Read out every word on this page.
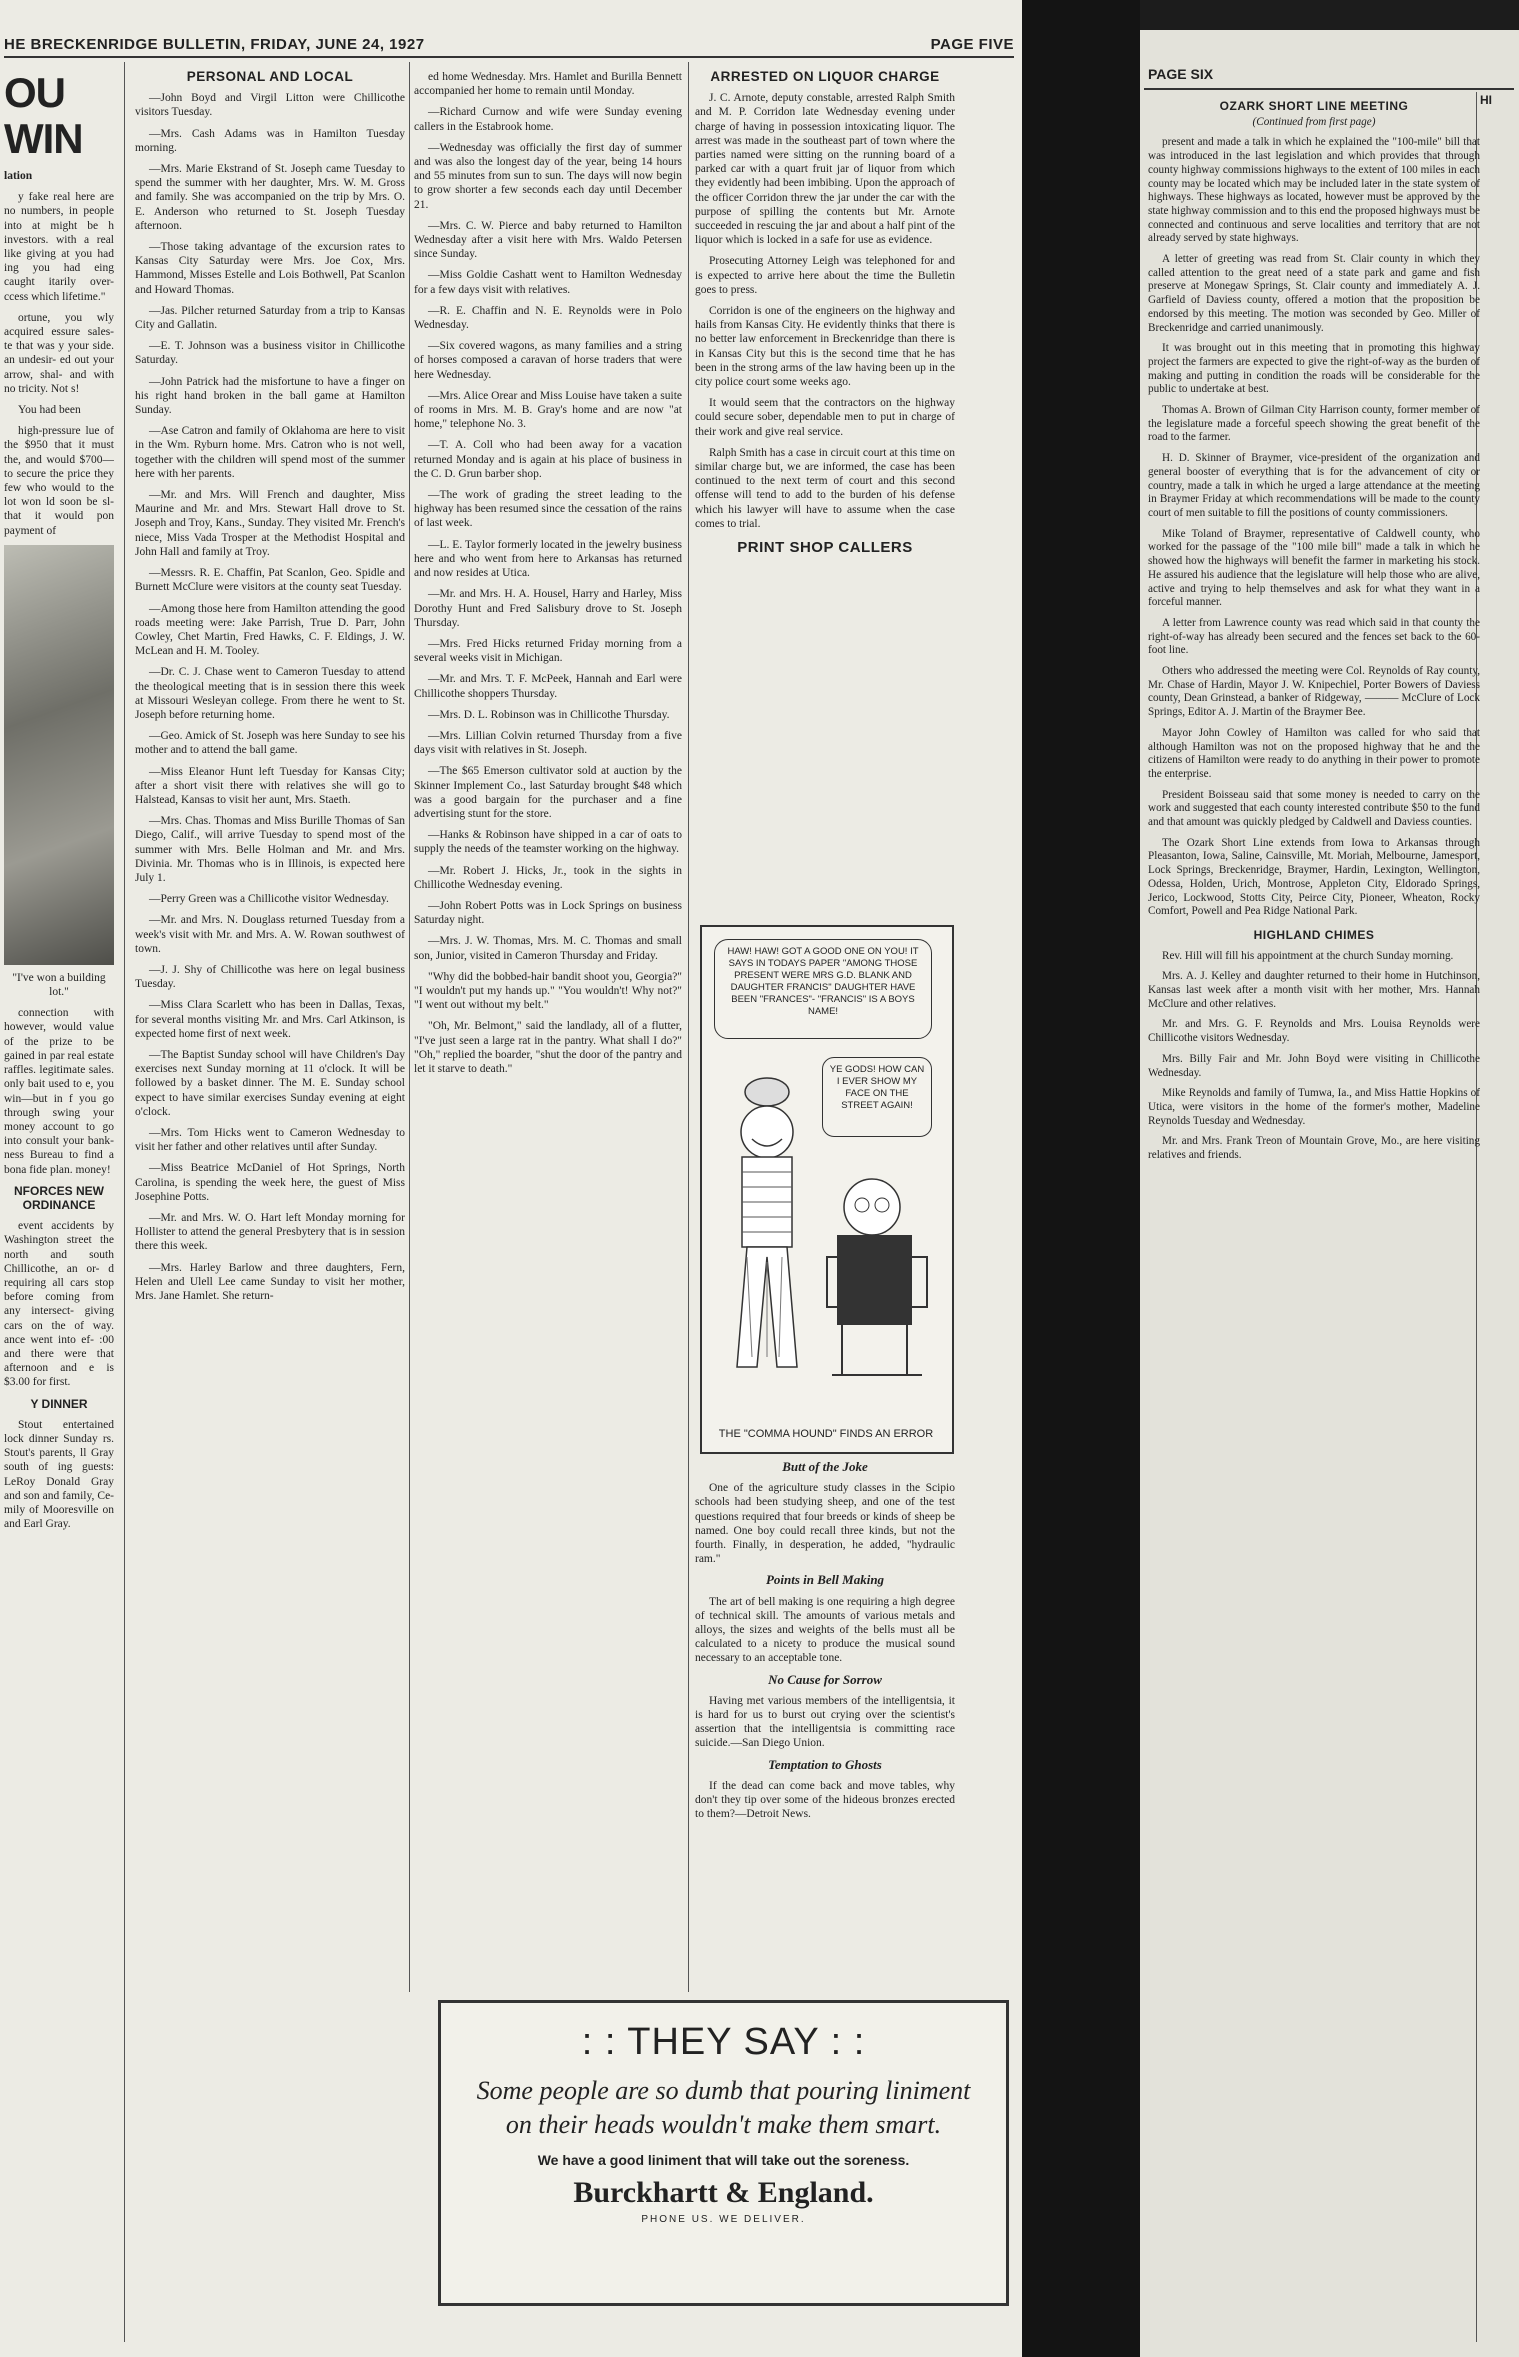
HE BRECKENRIDGE BULLETIN, FRIDAY, JUNE 24, 1927	PAGE FIVE

OU WIN

lation

y fake real here are no numbers, in people into at might be h investors. with a real like giving at you had ing you had eing caught itarily over- ccess which lifetime."

ortune, you wly acquired essure sales- te that was y your side. an undesir- ed out your arrow, shal- and with no tricity. Not s!

You had been

high-pressure lue of the $950 that it must the, and would $700—to secure the price they few who would to the lot won ld soon be sl- that it would pon payment of

"I've won a building lot."

connection with however, would value of the prize to be gained in par real estate raffles. legitimate sales. only bait used to e, you win—but in f you go through swing your money account to go into consult your bank- ness Bureau to find a bona fide plan. money!

NFORCES NEW ORDINANCE

event accidents by Washington street the north and south Chillicothe, an or- d requiring all cars stop before coming from any intersect- giving cars on the of way. ance went into ef- :00 and there were that afternoon and e is $3.00 for first.

Y DINNER

Stout entertained lock dinner Sunday rs. Stout's parents, ll Gray south of ing guests: LeRoy Donald Gray and son and family, Ce- mily of Mooresville on and Earl Gray.

PERSONAL AND LOCAL

—John Boyd and Virgil Litton were Chillicothe visitors Tuesday.

—Mrs. Cash Adams was in Hamilton Tuesday morning.

—Mrs. Marie Ekstrand of St. Joseph came Tuesday to spend the summer with her daughter, Mrs. W. M. Gross and family. She was accompanied on the trip by Mrs. O. E. Anderson who returned to St. Joseph Tuesday afternoon.

—Those taking advantage of the excursion rates to Kansas City Saturday were Mrs. Joe Cox, Mrs. Hammond, Misses Estelle and Lois Bothwell, Pat Scanlon and Howard Thomas.

—Jas. Pilcher returned Saturday from a trip to Kansas City and Gallatin.

—E. T. Johnson was a business visitor in Chillicothe Saturday.

—John Patrick had the misfortune to have a finger on his right hand broken in the ball game at Hamilton Sunday.

—Ase Catron and family of Oklahoma are here to visit in the Wm. Ryburn home. Mrs. Catron who is not well, together with the children will spend most of the summer here with her parents.

—Mr. and Mrs. Will French and daughter, Miss Maurine and Mr. and Mrs. Stewart Hall drove to St. Joseph and Troy, Kans., Sunday. They visited Mr. French's niece, Miss Vada Trosper at the Methodist Hospital and John Hall and family at Troy.

—Messrs. R. E. Chaffin, Pat Scanlon, Geo. Spidle and Burnett McClure were visitors at the county seat Tuesday.

—Among those here from Hamilton attending the good roads meeting were: Jake Parrish, True D. Parr, John Cowley, Chet Martin, Fred Hawks, C. F. Eldings, J. W. McLean and H. M. Tooley.

—Dr. C. J. Chase went to Cameron Tuesday to attend the theological meeting that is in session there this week at Missouri Wesleyan college. From there he went to St. Joseph before returning home.

—Geo. Amick of St. Joseph was here Sunday to see his mother and to attend the ball game.

—Miss Eleanor Hunt left Tuesday for Kansas City; after a short visit there with relatives she will go to Halstead, Kansas to visit her aunt, Mrs. Staeth.

—Mrs. Chas. Thomas and Miss Burille Thomas of San Diego, Calif., will arrive Tuesday to spend most of the summer with Mrs. Belle Holman and Mr. and Mrs. Divinia. Mr. Thomas who is in Illinois, is expected here July 1.

—Perry Green was a Chillicothe visitor Wednesday.

—Mr. and Mrs. N. Douglass returned Tuesday from a week's visit with Mr. and Mrs. A. W. Rowan southwest of town.

—J. J. Shy of Chillicothe was here on legal business Tuesday.

—Miss Clara Scarlett who has been in Dallas, Texas, for several months visiting Mr. and Mrs. Carl Atkinson, is expected home first of next week.

—The Baptist Sunday school will have Children's Day exercises next Sunday morning at 11 o'clock. It will be followed by a basket dinner. The M. E. Sunday school expect to have similar exercises Sunday evening at eight o'clock.

—Mrs. Tom Hicks went to Cameron Wednesday to visit her father and other relatives until after Sunday.

—Miss Beatrice McDaniel of Hot Springs, North Carolina, is spending the week here, the guest of Miss Josephine Potts.

—Mr. and Mrs. W. O. Hart left Monday morning for Hollister to attend the general Presbytery that is in session there this week.

—Mrs. Harley Barlow and three daughters, Fern, Helen and Ulell Lee came Sunday to visit her mother, Mrs. Jane Hamlet. She return-

ed home Wednesday. Mrs. Hamlet and Burilla Bennett accompanied her home to remain until Monday.

—Richard Curnow and wife were Sunday evening callers in the Estabrook home.

—Wednesday was officially the first day of summer and was also the longest day of the year, being 14 hours and 55 minutes from sun to sun. The days will now begin to grow shorter a few seconds each day until December 21.

—Mrs. C. W. Pierce and baby returned to Hamilton Wednesday after a visit here with Mrs. Waldo Petersen since Sunday.

—Miss Goldie Cashatt went to Hamilton Wednesday for a few days visit with relatives.

—R. E. Chaffin and N. E. Reynolds were in Polo Wednesday.

—Six covered wagons, as many families and a string of horses composed a caravan of horse traders that were here Wednesday.

—Mrs. Alice Orear and Miss Louise have taken a suite of rooms in Mrs. M. B. Gray's home and are now "at home," telephone No. 3.

—T. A. Coll who had been away for a vacation returned Monday and is again at his place of business in the C. D. Grun barber shop.

—The work of grading the street leading to the highway has been resumed since the cessation of the rains of last week.

—L. E. Taylor formerly located in the jewelry business here and who went from here to Arkansas has returned and now resides at Utica.

—Mr. and Mrs. H. A. Housel, Harry and Harley, Miss Dorothy Hunt and Fred Salisbury drove to St. Joseph Thursday.

—Mrs. Fred Hicks returned Friday morning from a several weeks visit in Michigan.

—Mr. and Mrs. T. F. McPeek, Hannah and Earl were Chillicothe shoppers Thursday.

—Mrs. D. L. Robinson was in Chillicothe Thursday.

—Mrs. Lillian Colvin returned Thursday from a five days visit with relatives in St. Joseph.

—The $65 Emerson cultivator sold at auction by the Skinner Implement Co., last Saturday brought $48 which was a good bargain for the purchaser and a fine advertising stunt for the store.

—Hanks & Robinson have shipped in a car of oats to supply the needs of the teamster working on the highway.

—Mr. Robert J. Hicks, Jr., took in the sights in Chillicothe Wednesday evening.

—John Robert Potts was in Lock Springs on business Saturday night.

—Mrs. J. W. Thomas, Mrs. M. C. Thomas and small son, Junior, visited in Cameron Thursday and Friday.

"Why did the bobbed-hair bandit shoot you, Georgia?" "I wouldn't put my hands up." "You wouldn't! Why not?" "I went out without my belt."

"Oh, Mr. Belmont," said the landlady, all of a flutter, "I've just seen a large rat in the pantry. What shall I do?" "Oh," replied the boarder, "shut the door of the pantry and let it starve to death."

ARRESTED ON LIQUOR CHARGE

J. C. Arnote, deputy constable, arrested Ralph Smith and M. P. Corridon late Wednesday evening under charge of having in possession intoxicating liquor. The arrest was made in the southeast part of town where the parties named were sitting on the running board of a parked car with a quart fruit jar of liquor from which they evidently had been imbibing. Upon the approach of the officer Corridon threw the jar under the car with the purpose of spilling the contents but Mr. Arnote succeeded in rescuing the jar and about a half pint of the liquor which is locked in a safe for use as evidence.

Prosecuting Attorney Leigh was telephoned for and is expected to arrive here about the time the Bulletin goes to press.

Corridon is one of the engineers on the highway and hails from Kansas City. He evidently thinks that there is no better law enforcement in Breckenridge than there is in Kansas City but this is the second time that he has been in the strong arms of the law having been up in the city police court some weeks ago.

It would seem that the contractors on the highway could secure sober, dependable men to put in charge of their work and give real service.

Ralph Smith has a case in circuit court at this time on similar charge but, we are informed, the case has been continued to the next term of court and this second offense will tend to add to the burden of his defense which his lawyer will have to assume when the case comes to trial.

PRINT SHOP CALLERS

HAW! HAW! GOT A GOOD ONE ON YOU! IT SAYS IN TODAYS PAPER "AMONG THOSE PRESENT WERE MRS G.D. BLANK AND DAUGHTER FRANCIS" DAUGHTER HAVE BEEN "FRANCES"- "FRANCIS" IS A BOYS NAME!
YE GODS! HOW CAN I EVER SHOW MY FACE ON THE STREET AGAIN!
THE "COMMA HOUND" FINDS AN ERROR

Butt of the Joke

One of the agriculture study classes in the Scipio schools had been studying sheep, and one of the test questions required that four breeds or kinds of sheep be named. One boy could recall three kinds, but not the fourth. Finally, in desperation, he added, "hydraulic ram."

Points in Bell Making

The art of bell making is one requiring a high degree of technical skill. The amounts of various metals and alloys, the sizes and weights of the bells must all be calculated to a nicety to produce the musical sound necessary to an acceptable tone.

No Cause for Sorrow

Having met various members of the intelligentsia, it is hard for us to burst out crying over the scientist's assertion that the intelligentsia is committing race suicide.—San Diego Union.

Temptation to Ghosts

If the dead can come back and move tables, why don't they tip over some of the hideous bronzes erected to them?—Detroit News.

: : THEY SAY : :
Some people are so dumb that pouring liniment on their heads wouldn't make them smart.
We have a good liniment that will take out the soreness.
Burckhartt & England.
PHONE US. WE DELIVER.
PAGE SIX
HI

OZARK SHORT LINE MEETING

(Continued from first page)

present and made a talk in which he explained the "100-mile" bill that was introduced in the last legislation and which provides that through county highway commissions highways to the extent of 100 miles in each county may be located which may be included later in the state system of highways. These highways as located, however must be approved by the state highway commission and to this end the proposed highways must be connected and continuous and serve localities and territory that are not already served by state highways.

A letter of greeting was read from St. Clair county in which they called attention to the great need of a state park and game and fish preserve at Monegaw Springs, St. Clair county and immediately A. J. Garfield of Daviess county, offered a motion that the proposition be endorsed by this meeting. The motion was seconded by Geo. Miller of Breckenridge and carried unanimously.

It was brought out in this meeting that in promoting this highway project the farmers are expected to give the right-of-way as the burden of making and putting in condition the roads will be considerable for the public to undertake at best.

Thomas A. Brown of Gilman City Harrison county, former member of the legislature made a forceful speech showing the great benefit of the road to the farmer.

H. D. Skinner of Braymer, vice-president of the organization and general booster of everything that is for the advancement of city or country, made a talk in which he urged a large attendance at the meeting in Braymer Friday at which recommendations will be made to the county court of men suitable to fill the positions of county commissioners.

Mike Toland of Braymer, representative of Caldwell county, who worked for the passage of the "100 mile bill" made a talk in which he showed how the highways will benefit the farmer in marketing his stock. He assured his audience that the legislature will help those who are alive, active and trying to help themselves and ask for what they want in a forceful manner.

A letter from Lawrence county was read which said in that county the right-of-way has already been secured and the fences set back to the 60-foot line.

Others who addressed the meeting were Col. Reynolds of Ray county, Mr. Chase of Hardin, Mayor J. W. Knipechiel, Porter Bowers of Daviess county, Dean Grinstead, a banker of Ridgeway, ——— McClure of Lock Springs, Editor A. J. Martin of the Braymer Bee.

Mayor John Cowley of Hamilton was called for who said that although Hamilton was not on the proposed highway that he and the citizens of Hamilton were ready to do anything in their power to promote the enterprise.

President Boisseau said that some money is needed to carry on the work and suggested that each county interested contribute $50 to the fund and that amount was quickly pledged by Caldwell and Daviess counties.

The Ozark Short Line extends from Iowa to Arkansas through Pleasanton, Iowa, Saline, Cainsville, Mt. Moriah, Melbourne, Jamesport, Lock Springs, Breckenridge, Braymer, Hardin, Lexington, Wellington, Odessa, Holden, Urich, Montrose, Appleton City, Eldorado Springs, Jerico, Lockwood, Stotts City, Peirce City, Pioneer, Wheaton, Rocky Comfort, Powell and Pea Ridge National Park.

HIGHLAND CHIMES

Rev. Hill will fill his appointment at the church Sunday morning.

Mrs. A. J. Kelley and daughter returned to their home in Hutchinson, Kansas last week after a month visit with her mother, Mrs. Hannah McClure and other relatives.

Mr. and Mrs. G. F. Reynolds and Mrs. Louisa Reynolds were Chillicothe visitors Wednesday.

Mrs. Billy Fair and Mr. John Boyd were visiting in Chillicothe Wednesday.

Mike Reynolds and family of Tumwa, Ia., and Miss Hattie Hopkins of Utica, were visitors in the home of the former's mother, Madeline Reynolds Tuesday and Wednesday.

Mr. and Mrs. Frank Treon of Mountain Grove, Mo., are here visiting relatives and friends.
